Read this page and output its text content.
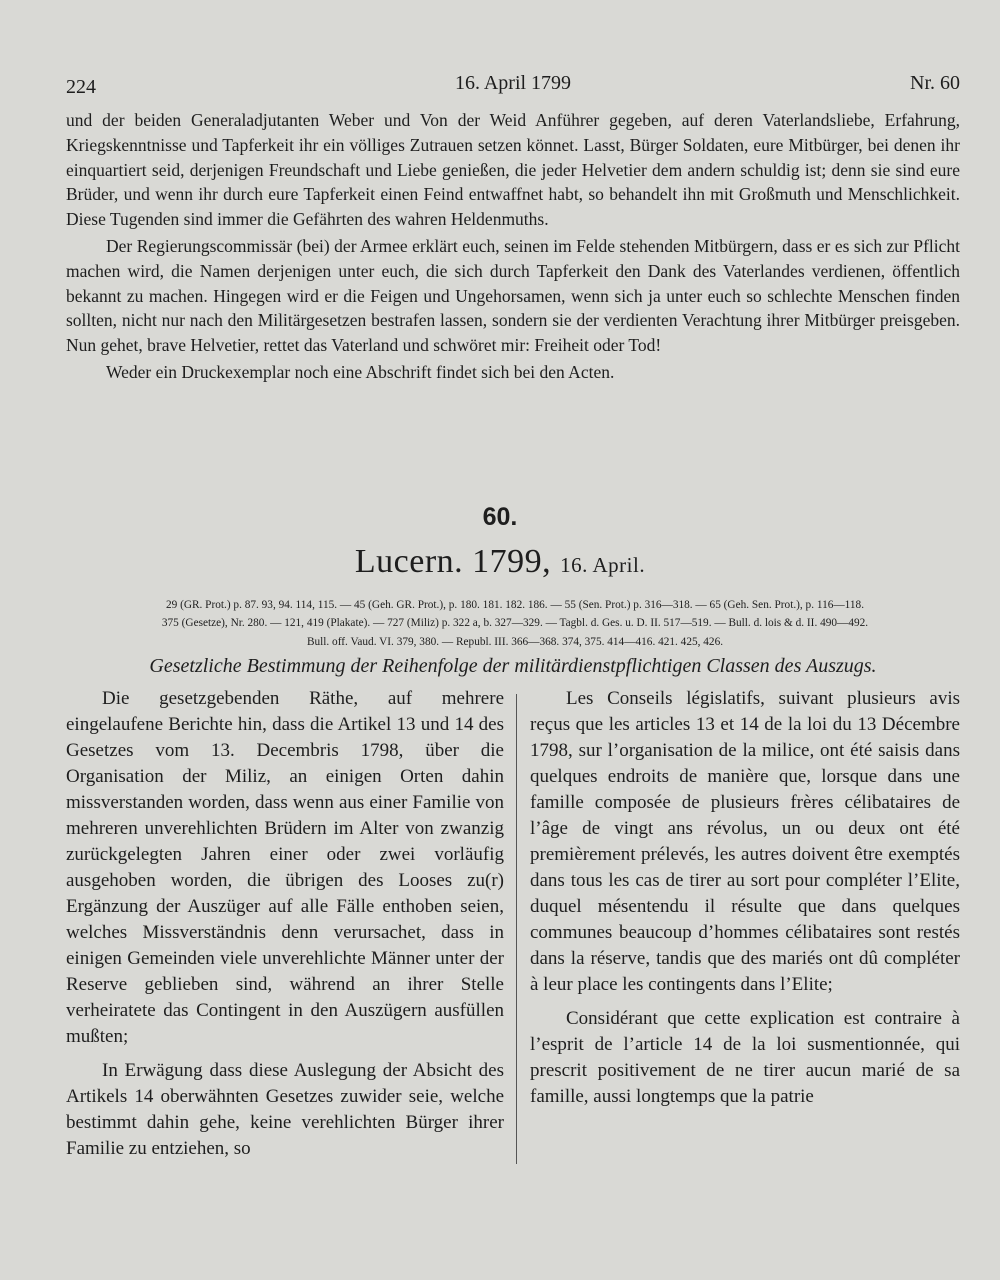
224	16. April 1799	Nr. 60

und der beiden Generaladjutanten Weber und Von der Weid Anführer gegeben, auf deren Vaterlandsliebe, Erfahrung, Kriegskenntnisse und Tapferkeit ihr ein völliges Zutrauen setzen könnet. Lasst, Bürger Soldaten, eure Mitbürger, bei denen ihr einquartiert seid, derjenigen Freundschaft und Liebe genießen, die jeder Helvetier dem andern schuldig ist; denn sie sind eure Brüder, und wenn ihr durch eure Tapferkeit einen Feind entwaffnet habt, so behandelt ihn mit Großmuth und Menschlichkeit. Diese Tugenden sind immer die Gefährten des wahren Heldenmuths.

Der Regierungscommissär (bei) der Armee erklärt euch, seinen im Felde stehenden Mitbürgern, dass er es sich zur Pflicht machen wird, die Namen derjenigen unter euch, die sich durch Tapferkeit den Dank des Vaterlandes verdienen, öffentlich bekannt zu machen. Hingegen wird er die Feigen und Ungehorsamen, wenn sich ja unter euch so schlechte Menschen finden sollten, nicht nur nach den Militärgesetzen bestrafen lassen, sondern sie der verdienten Verachtung ihrer Mitbürger preisgeben. Nun gehet, brave Helvetier, rettet das Vaterland und schwöret mir: Freiheit oder Tod!

Weder ein Druckexemplar noch eine Abschrift findet sich bei den Acten.

60.
Lucern. 1799, 16. April.

29 (GR. Prot.) p. 87. 93, 94. 114, 115. — 45 (Geh. GR. Prot.), p. 180. 181. 182. 186. — 55 (Sen. Prot.) p. 316—318. — 65 (Geh. Sen. Prot.), p. 116—118.

375 (Gesetze), Nr. 280. — 121, 419 (Plakate). — 727 (Miliz) p. 322 a, b. 327—329. — Tagbl. d. Ges. u. D. II. 517—519. — Bull. d. lois & d. II. 490—492.

Bull. off. Vaud. VI. 379, 380. — Republ. III. 366—368. 374, 375. 414—416. 421. 425, 426.

Gesetzliche Bestimmung der Reihenfolge der militärdienstpflichtigen Classen des Auszugs.

Die gesetzgebenden Räthe, auf mehrere eingelaufene Berichte hin, dass die Artikel 13 und 14 des Gesetzes vom 13. Decembris 1798, über die Organisation der Miliz, an einigen Orten dahin missverstanden worden, dass wenn aus einer Familie von mehreren unverehlichten Brüdern im Alter von zwanzig zurückgelegten Jahren einer oder zwei vorläufig ausgehoben worden, die übrigen des Looses zu(r) Ergänzung der Auszüger auf alle Fälle enthoben seien, welches Missverständnis denn verursachet, dass in einigen Gemeinden viele unverehlichte Männer unter der Reserve geblieben sind, während an ihrer Stelle verheiratete das Contingent in den Auszügern ausfüllen mußten;

In Erwägung dass diese Auslegung der Absicht des Artikels 14 oberwähnten Gesetzes zuwider seie, welche bestimmt dahin gehe, keine verehlichten Bürger ihrer Familie zu entziehen, so

Les Conseils législatifs, suivant plusieurs avis reçus que les articles 13 et 14 de la loi du 13 Décembre 1798, sur l’organisation de la milice, ont été saisis dans quelques endroits de manière que, lorsque dans une famille composée de plusieurs frères célibataires de l’âge de vingt ans révolus, un ou deux ont été premièrement prélevés, les autres doivent être exemptés dans tous les cas de tirer au sort pour compléter l’Elite, duquel mésentendu il résulte que dans quelques communes beaucoup d’hommes célibataires sont restés dans la réserve, tandis que des mariés ont dû compléter à leur place les contingents dans l’Elite;

Considérant que cette explication est contraire à l’esprit de l’article 14 de la loi susmentionnée, qui prescrit positivement de ne tirer aucun marié de sa famille, aussi longtemps que la patrie
